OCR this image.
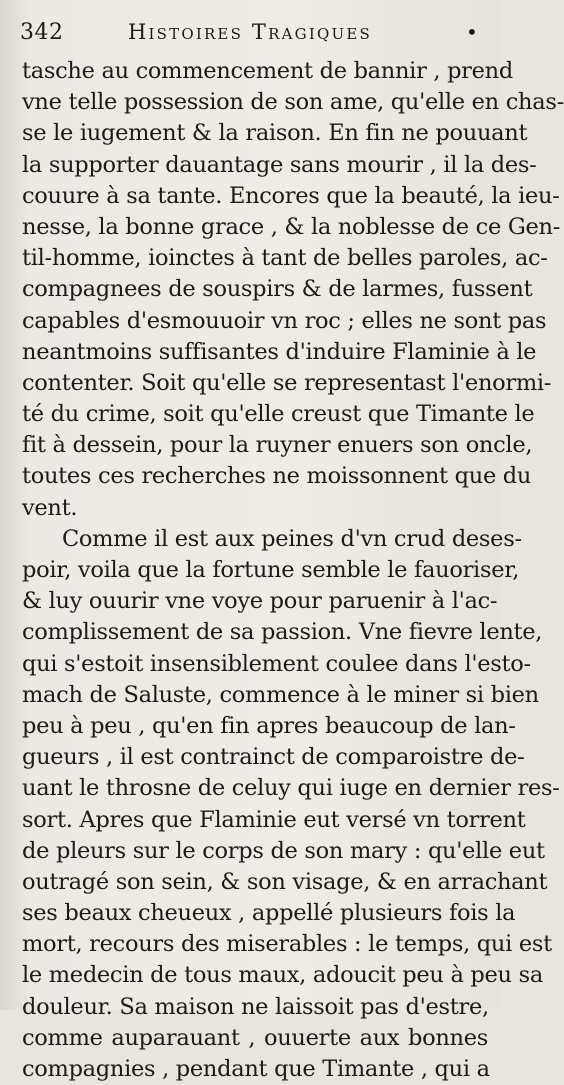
342	Histoires Tragiques	•
tasche au commencement de bannir , prend
vne telle possession de son ame, qu'elle en chas-
se le iugement & la raison. En fin ne pouuant
la supporter dauantage sans mourir , il la des-
couure à sa tante. Encores que la beauté, la ieu-
nesse, la bonne grace , & la noblesse de ce Gen-
til-homme, ioinctes à tant de belles paroles, ac-
compagnees de souspirs & de larmes, fussent
capables d'esmouuoir vn roc ; elles ne sont pas
neantmoins suffisantes d'induire Flaminie à le
contenter. Soit qu'elle se representast l'enormi-
té du crime, soit qu'elle creust que Timante le
fit à dessein, pour la ruyner enuers son oncle,
toutes ces recherches ne moissonnent que du
vent.
Comme il est aux peines d'vn crud deses-
poir, voila que la fortune semble le fauoriser,
& luy ouurir vne voye pour paruenir à l'ac-
complissement de sa passion. Vne fievre lente,
qui s'estoit insensiblement coulee dans l'esto-
mach de Saluste, commence à le miner si bien
peu à peu , qu'en fin apres beaucoup de lan-
gueurs , il est contrainct de comparoistre de-
uant le throsne de celuy qui iuge en dernier res-
sort. Apres que Flaminie eut versé vn torrent
de pleurs sur le corps de son mary : qu'elle eut
outragé son sein, & son visage, & en arrachant
ses beaux cheueux , appellé plusieurs fois la
mort, recours des miserables : le temps, qui est
le medecin de tous maux, adoucit peu à peu sa
douleur. Sa maison ne laissoit pas d'estre,
comme auparauant , ouuerte aux bonnes
compagnies , pendant que Timante , qui a
